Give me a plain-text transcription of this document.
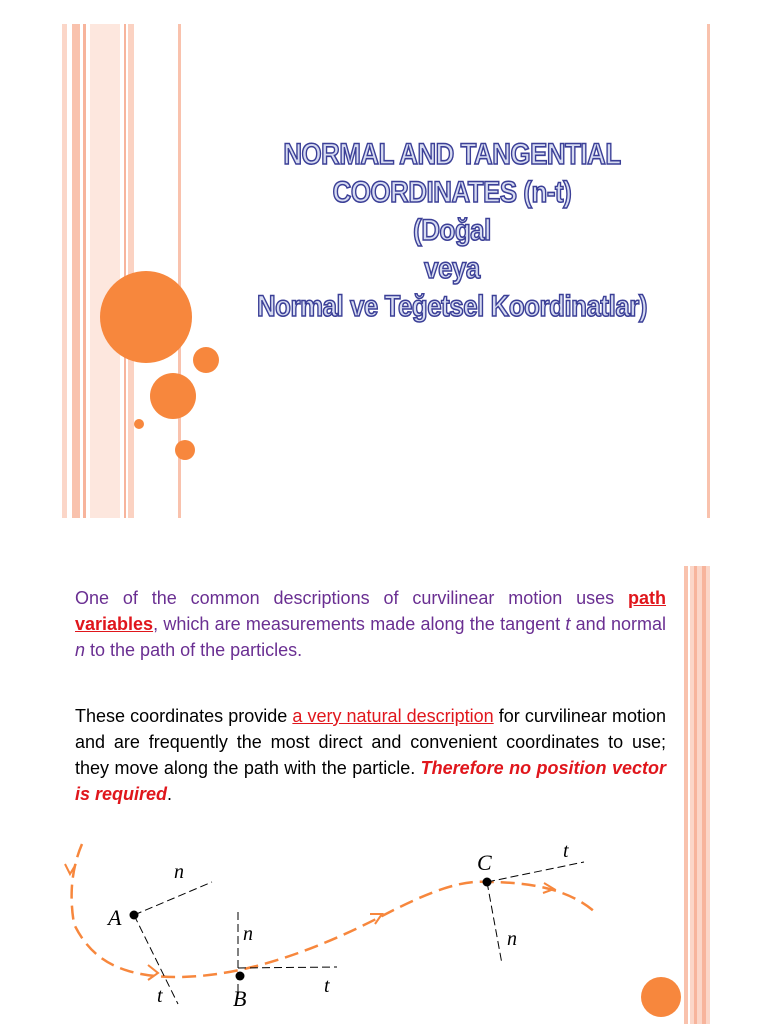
NORMAL AND TANGENTIAL
COORDINATES (n-t)
(Doğal
veya
Normal ve Teğetsel Koordinatlar)
One of the common descriptions of curvilinear motion uses path variables, which are measurements made along the tangent t and normal n to the path of the particles.
These coordinates provide a very natural description for curvilinear motion and are frequently the most direct and convenient coordinates to use; they move along the path with the particle. Therefore no position vector is required.
A
n
t	B
n
t
C
n
t
